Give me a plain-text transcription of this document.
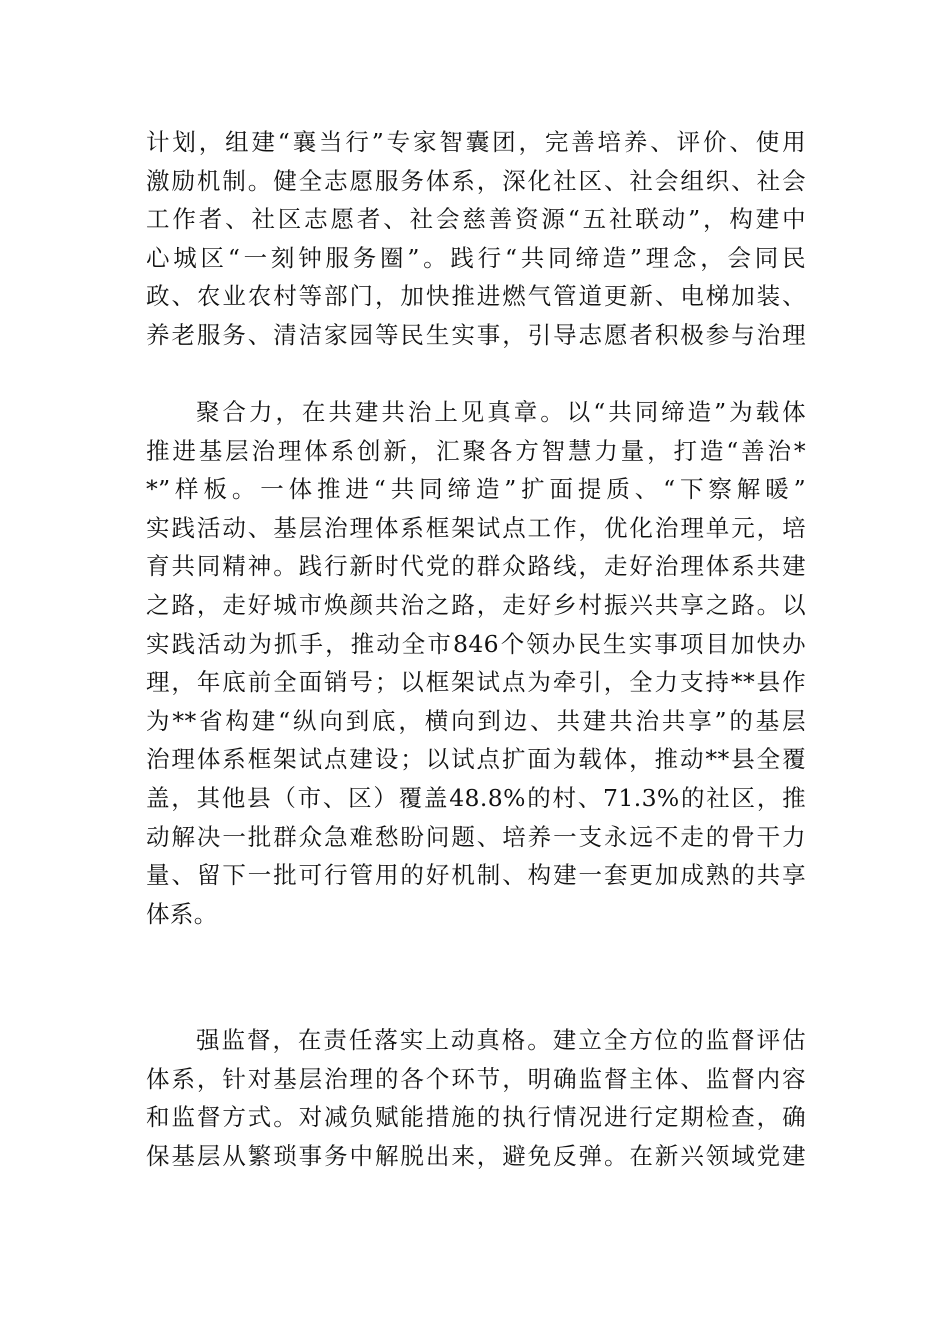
计划，组建“襄当行”专家智囊团，完善培养、评价、使用
激励机制。健全志愿服务体系，深化社区、社会组织、社会
工作者、社区志愿者、社会慈善资源“五社联动”，构建中
心城区“一刻钟服务圈”。践行“共同缔造”理念，会同民
政、农业农村等部门，加快推进燃气管道更新、电梯加装、
养老服务、清洁家园等民生实事，引导志愿者积极参与治理
聚合力，在共建共治上见真章。以“共同缔造”为载体
推进基层治理体系创新，汇聚各方智慧力量，打造“善治*
*”样板。一体推进“共同缔造”扩面提质、“下察解暖”
实践活动、基层治理体系框架试点工作，优化治理单元，培
育共同精神。践行新时代党的群众路线，走好治理体系共建
之路，走好城市焕颜共治之路，走好乡村振兴共享之路。以
实践活动为抓手，推动全市846个领办民生实事项目加快办
理，年底前全面销号；以框架试点为牵引，全力支持**县作
为**省构建“纵向到底，横向到边、共建共治共享”的基层
治理体系框架试点建设；以试点扩面为载体，推动**县全覆
盖，其他县（市、区）覆盖48.8%的村、71.3%的社区，推
动解决一批群众急难愁盼问题、培养一支永远不走的骨干力
量、留下一批可行管用的好机制、构建一套更加成熟的共享
体系。
强监督，在责任落实上动真格。建立全方位的监督评估
体系，针对基层治理的各个环节，明确监督主体、监督内容
和监督方式。对减负赋能措施的执行情况进行定期检查，确
保基层从繁琐事务中解脱出来，避免反弹。在新兴领域党建
